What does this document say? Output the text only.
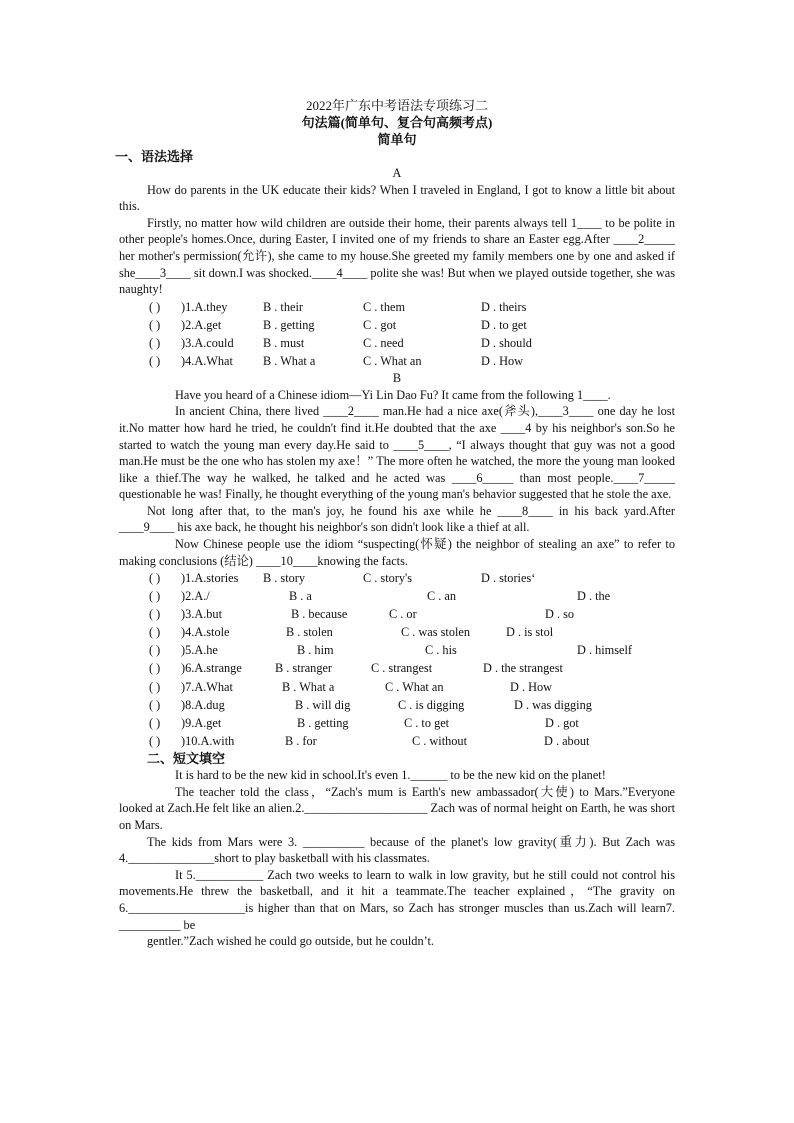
2022年广东中考语法专项练习二
句法篇(简单句、复合句高频考点)
简单句
一、语法选择
A

How do parents in the UK educate their kids? When I traveled in England, I got to know a little bit about this.

Firstly, no matter how wild children are outside their home, their parents always tell 1____ to be polite in other people's homes.Once, during Easter, I invited one of my friends to share an Easter egg.After ____2_____ her mother's permission(允许), she came to my house.She greeted my family members one by one and asked if she____3____ sit down.I was shocked.____4____ polite she was! But when we played outside together, she was naughty!

( )	)1.A.they	B . their	C . them	D . theirs
( )	)2.A.get	B . getting	C . got	D . to get
( )	)3.A.could	B . must	C . need	D . should
( )	)4.A.What	B . What a	C . What an	D . How
B

Have you heard of a Chinese idiom—Yi Lin Dao Fu? It came from the following 1____.

In ancient China, there lived ____2____ man.He had a nice axe(斧头),____3____ one day he lost it.No matter how hard he tried, he couldn't find it.He doubted that the axe ____4 by his neighbor's son.So he started to watch the young man every day.He said to ____5____, “I always thought that guy was not a good man.He must be the one who has stolen my axe！” The more often he watched, the more the young man looked like a thief.The way he walked, he talked and he acted was ____6_____ than most people.____7_____ questionable he was! Finally, he thought everything of the young man's behavior suggested that he stole the axe.

Not long after that, to the man's joy, he found his axe while he ____8____ in his back yard.After ____9____ his axe back, he thought his neighbor's son didn't look like a thief at all.

Now Chinese people use the idiom “suspecting(怀疑) the neighbor of stealing an axe” to refer to making conclusions (结论) ____10____knowing the facts.

( )	)1.A.stories	B . story	C . story's	D . stories‘
( )	)2.A./	B . a	C . an	D . the
( )	)3.A.but	B . because	C . or	D . so
( )	)4.A.stole	B . stolen	C . was stolen	D . is stol
( )	)5.A.he	B . him	C . his	D . himself
( )	)6.A.strange	B . stranger	C . strangest	D . the strangest
( )	)7.A.What	B . What a	C . What an	D . How
( )	)8.A.dug	B . will dig	C . is digging	D . was digging
( )	)9.A.get	B . getting	C . to get	D . got
( )	)10.A.with	B . for	C . without	D . about
二、短文填空

It is hard to be the new kid in school.It's even 1.______ to be the new kid on the planet!

The teacher told the class，“Zach's mum is Earth's new ambassador(大使) to Mars.”Everyone looked at Zach.He felt like an alien.2.____________________ Zach was of normal height on Earth, he was short on Mars.

The kids from Mars were 3. __________ because of the planet's low gravity(重力). But Zach was 4.______________short to play basketball with his classmates.

It 5.___________ Zach two weeks to learn to walk in low gravity, but he still could not control his movements.He threw the basketball, and it hit a teammate.The teacher explained，“The gravity on 6.___________________is higher than that on Mars, so Zach has stronger muscles than us.Zach will learn7. __________ be

gentler.”Zach wished he could go outside, but he couldn’t.
